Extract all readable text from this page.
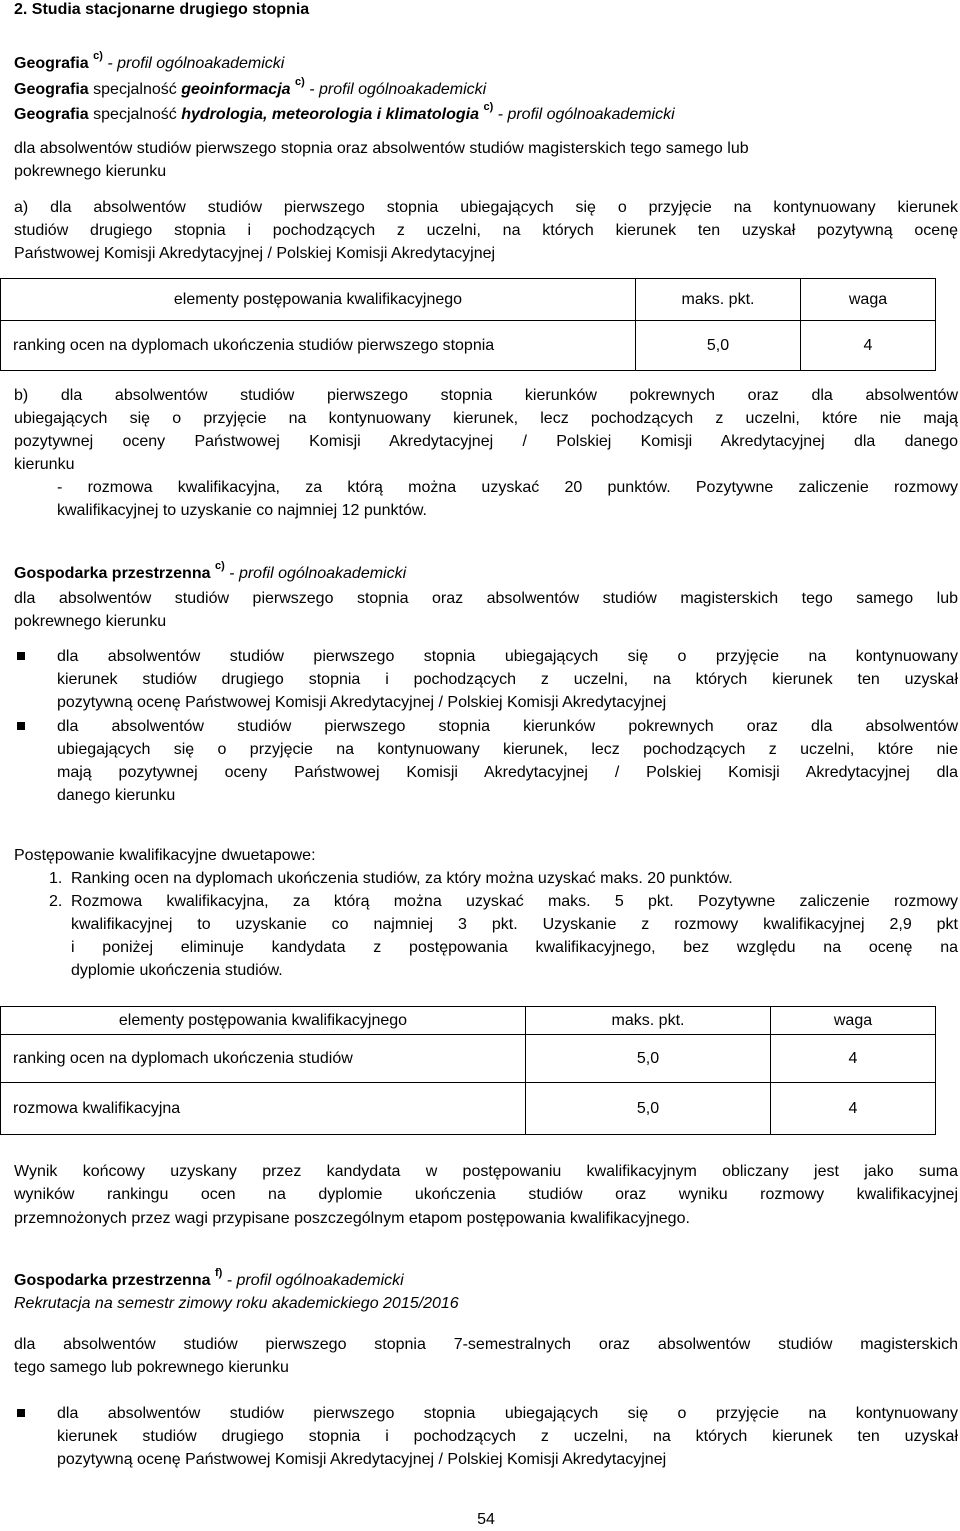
2. Studia stacjonarne drugiego stopnia
Geografia $^{c)}$ - profil ogólnoakademicki
Geografia specjalność geoinformacja $^{c)}$ - profil ogólnoakademicki
Geografia specjalność hydrologia, meteorologia i klimatologia $^{c)}$ - profil ogólnoakademicki
dla absolwentów studiów pierwszego stopnia oraz absolwentów studiów magisterskich tego samego lub
pokrewnego kierunku
a) dla absolwentów studiów pierwszego stopnia ubiegających się o przyjęcie na kontynuowany kierunek
studiów drugiego stopnia i pochodzących z uczelni, na których kierunek ten uzyskał pozytywną ocenę
Państwowej Komisji Akredytacyjnej / Polskiej Komisji Akredytacyjnej
elementy postępowania kwalifikacyjnego	maks. pkt.	waga
ranking ocen na dyplomach ukończenia studiów pierwszego stopnia	5,0	4
b) dla absolwentów studiów pierwszego stopnia kierunków pokrewnych oraz dla absolwentów
ubiegających się o przyjęcie na kontynuowany kierunek, lecz pochodzących z uczelni, które nie mają
pozytywnej oceny Państwowej Komisji Akredytacyjnej / Polskiej Komisji Akredytacyjnej dla danego
kierunku
- rozmowa kwalifikacyjna, za którą można uzyskać 20 punktów. Pozytywne zaliczenie rozmowy
kwalifikacyjnej to uzyskanie co najmniej 12 punktów.
Gospodarka przestrzenna $^{c)}$ - profil ogólnoakademicki
dla absolwentów studiów pierwszego stopnia oraz absolwentów studiów magisterskich tego samego lub
pokrewnego kierunku
dla absolwentów studiów pierwszego stopnia ubiegających się o przyjęcie na kontynuowany
kierunek studiów drugiego stopnia i pochodzących z uczelni, na których kierunek ten uzyskał
pozytywną ocenę Państwowej Komisji Akredytacyjnej / Polskiej Komisji Akredytacyjnej
dla absolwentów studiów pierwszego stopnia kierunków pokrewnych oraz dla absolwentów
ubiegających się o przyjęcie na kontynuowany kierunek, lecz pochodzących z uczelni, które nie
mają pozytywnej oceny Państwowej Komisji Akredytacyjnej / Polskiej Komisji Akredytacyjnej dla
danego kierunku
Postępowanie kwalifikacyjne dwuetapowe:
1. Ranking ocen na dyplomach ukończenia studiów, za który można uzyskać maks. 20 punktów.
2. Rozmowa kwalifikacyjna, za którą można uzyskać maks. 5 pkt. Pozytywne zaliczenie rozmowy
kwalifikacyjnej to uzyskanie co najmniej 3 pkt. Uzyskanie z rozmowy kwalifikacyjnej 2,9 pkt
i poniżej eliminuje kandydata z postępowania kwalifikacyjnego, bez względu na ocenę na
dyplomie ukończenia studiów.
elementy postępowania kwalifikacyjnego	maks. pkt.	waga
ranking ocen na dyplomach ukończenia studiów	5,0	4
rozmowa kwalifikacyjna	5,0	4
Wynik końcowy uzyskany przez kandydata w postępowaniu kwalifikacyjnym obliczany jest jako suma
wyników rankingu ocen na dyplomie ukończenia studiów oraz wyniku rozmowy kwalifikacyjnej
przemnożonych przez wagi przypisane poszczególnym etapom postępowania kwalifikacyjnego.
Gospodarka przestrzenna $^{f)}$ - profil ogólnoakademicki
Rekrutacja na semestr zimowy roku akademickiego 2015/2016
dla absolwentów studiów pierwszego stopnia 7-semestralnych oraz absolwentów studiów magisterskich
tego samego lub pokrewnego kierunku
dla absolwentów studiów pierwszego stopnia ubiegających się o przyjęcie na kontynuowany
kierunek studiów drugiego stopnia i pochodzących z uczelni, na których kierunek ten uzyskał
pozytywną ocenę Państwowej Komisji Akredytacyjnej / Polskiej Komisji Akredytacyjnej
54
